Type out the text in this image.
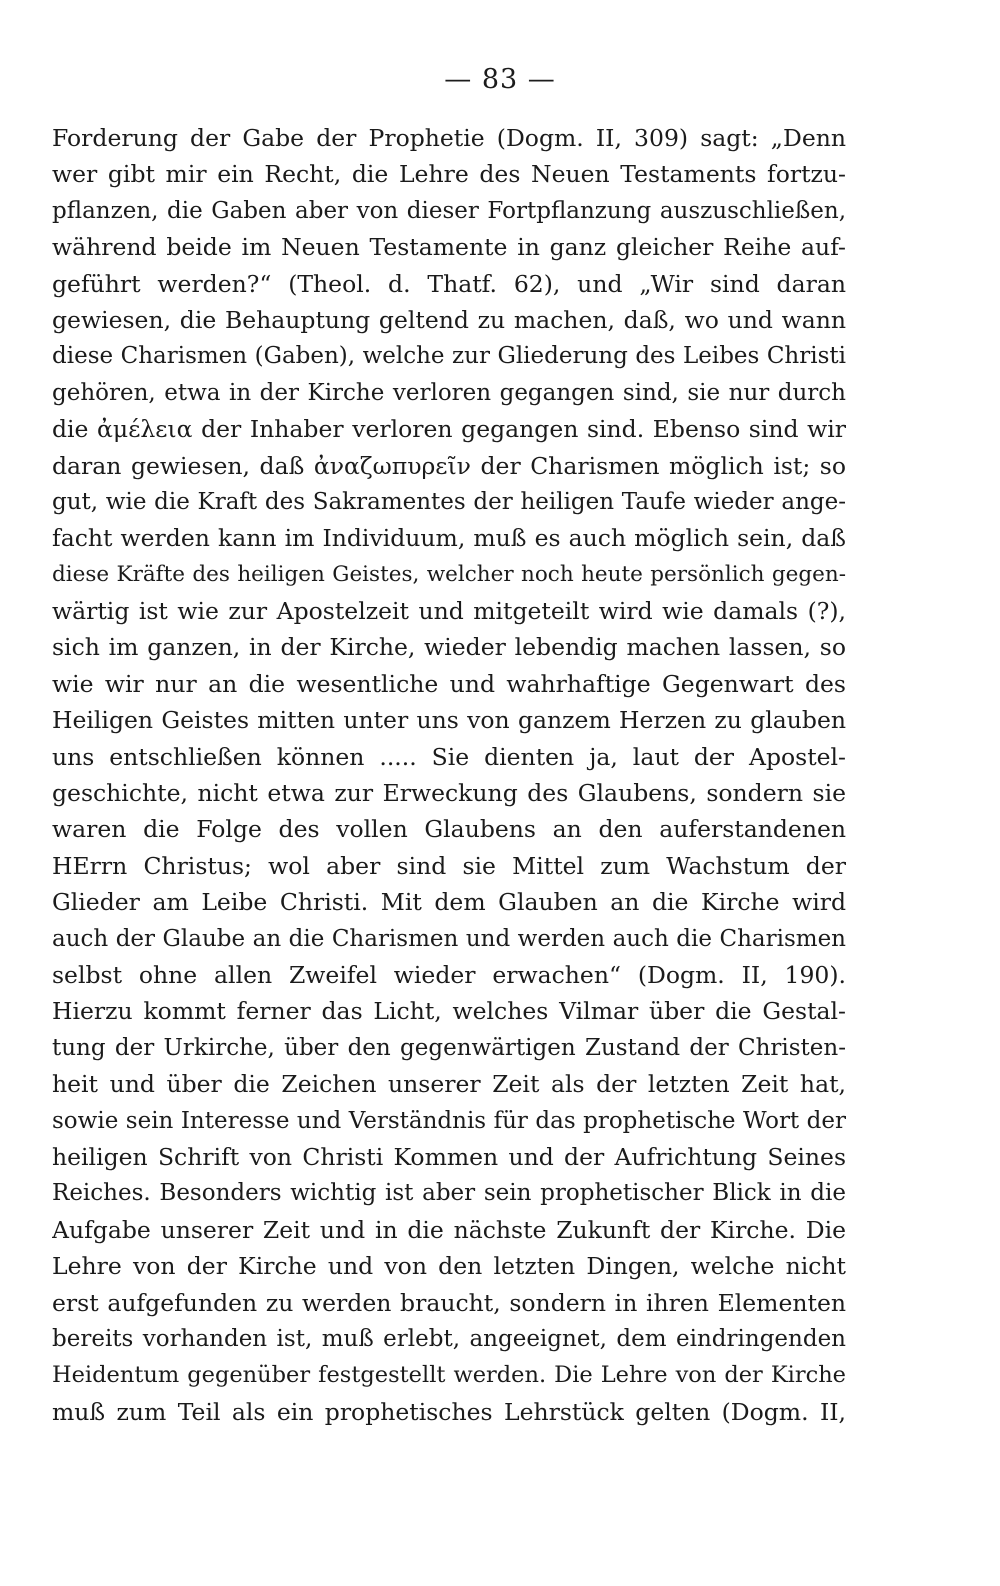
— 83 —
Forderung der Gabe der Prophetie (Dogm. II, 309) sagt: „Denn
wer gibt mir ein Recht, die Lehre des Neuen Testaments fortzu-
pflanzen, die Gaben aber von dieser Fortpflanzung auszuschließen,
während beide im Neuen Testamente in ganz gleicher Reihe auf-
geführt werden?“ (Theol. d. Thatf. 62), und „Wir sind daran
gewiesen, die Behauptung geltend zu machen, daß, wo und wann
diese Charismen (Gaben), welche zur Gliederung des Leibes Christi
gehören, etwa in der Kirche verloren gegangen sind, sie nur durch
die ἀμέλεια der Inhaber verloren gegangen sind. Ebenso sind wir
daran gewiesen, daß ἀναζωπυρεῖν der Charismen möglich ist; so
gut, wie die Kraft des Sakramentes der heiligen Taufe wieder ange-
facht werden kann im Individuum, muß es auch möglich sein, daß
diese Kräfte des heiligen Geistes, welcher noch heute persönlich gegen-
wärtig ist wie zur Apostelzeit und mitgeteilt wird wie damals (?),
sich im ganzen, in der Kirche, wieder lebendig machen lassen, so
wie wir nur an die wesentliche und wahrhaftige Gegenwart des
Heiligen Geistes mitten unter uns von ganzem Herzen zu glauben
uns entschließen können ..... Sie dienten ja, laut der Apostel-
geschichte, nicht etwa zur Erweckung des Glaubens, sondern sie
waren die Folge des vollen Glaubens an den auferstandenen
HErrn Christus; wol aber sind sie Mittel zum Wachstum der
Glieder am Leibe Christi. Mit dem Glauben an die Kirche wird
auch der Glaube an die Charismen und werden auch die Charismen
selbst ohne allen Zweifel wieder erwachen“ (Dogm. II, 190).
Hierzu kommt ferner das Licht, welches Vilmar über die Gestal-
tung der Urkirche, über den gegenwärtigen Zustand der Christen-
heit und über die Zeichen unserer Zeit als der letzten Zeit hat,
sowie sein Interesse und Verständnis für das prophetische Wort der
heiligen Schrift von Christi Kommen und der Aufrichtung Seines
Reiches. Besonders wichtig ist aber sein prophetischer Blick in die
Aufgabe unserer Zeit und in die nächste Zukunft der Kirche. Die
Lehre von der Kirche und von den letzten Dingen, welche nicht
erst aufgefunden zu werden braucht, sondern in ihren Elementen
bereits vorhanden ist, muß erlebt, angeeignet, dem eindringenden
Heidentum gegenüber festgestellt werden. Die Lehre von der Kirche
muß zum Teil als ein prophetisches Lehrstück gelten (Dogm. II,
